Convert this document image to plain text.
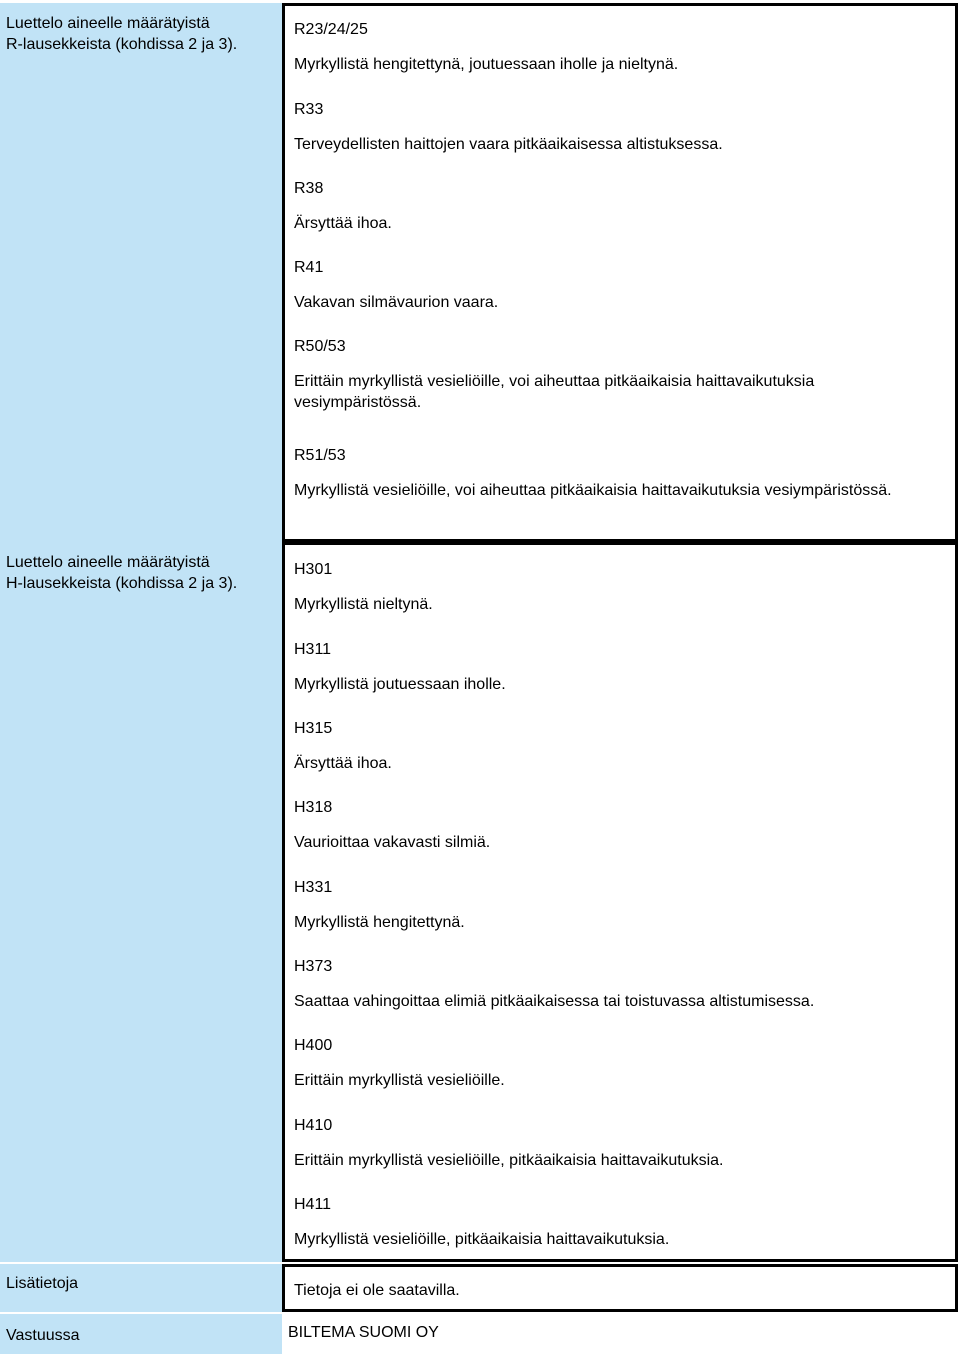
Luettelo aineelle määrätyistä
R-lausekkeista (kohdissa 2 ja 3).
R23/24/25
Myrkyllistä hengitettynä, joutuessaan iholle ja nieltynä.
R33
Terveydellisten haittojen vaara pitkäaikaisessa altistuksessa.
R38
Ärsyttää ihoa.
R41
Vakavan silmävaurion vaara.
R50/53
Erittäin myrkyllistä vesieliöille, voi aiheuttaa pitkäaikaisia haittavaikutuksia vesiympäristössä.
R51/53
Myrkyllistä vesieliöille, voi aiheuttaa pitkäaikaisia haittavaikutuksia vesiympäristössä.
Luettelo aineelle määrätyistä
H-lausekkeista (kohdissa 2 ja 3).
H301
Myrkyllistä nieltynä.
H311
Myrkyllistä joutuessaan iholle.
H315
Ärsyttää ihoa.
H318
Vaurioittaa vakavasti silmiä.
H331
Myrkyllistä hengitettynä.
H373
Saattaa vahingoittaa elimiä pitkäaikaisessa tai toistuvassa altistumisessa.
H400
Erittäin myrkyllistä vesieliöille.
H410
Erittäin myrkyllistä vesieliöille, pitkäaikaisia haittavaikutuksia.
H411
Myrkyllistä vesieliöille, pitkäaikaisia haittavaikutuksia.
Lisätietoja	Tietoja ei ole saatavilla.
Vastuussa	BILTEMA SUOMI OY
